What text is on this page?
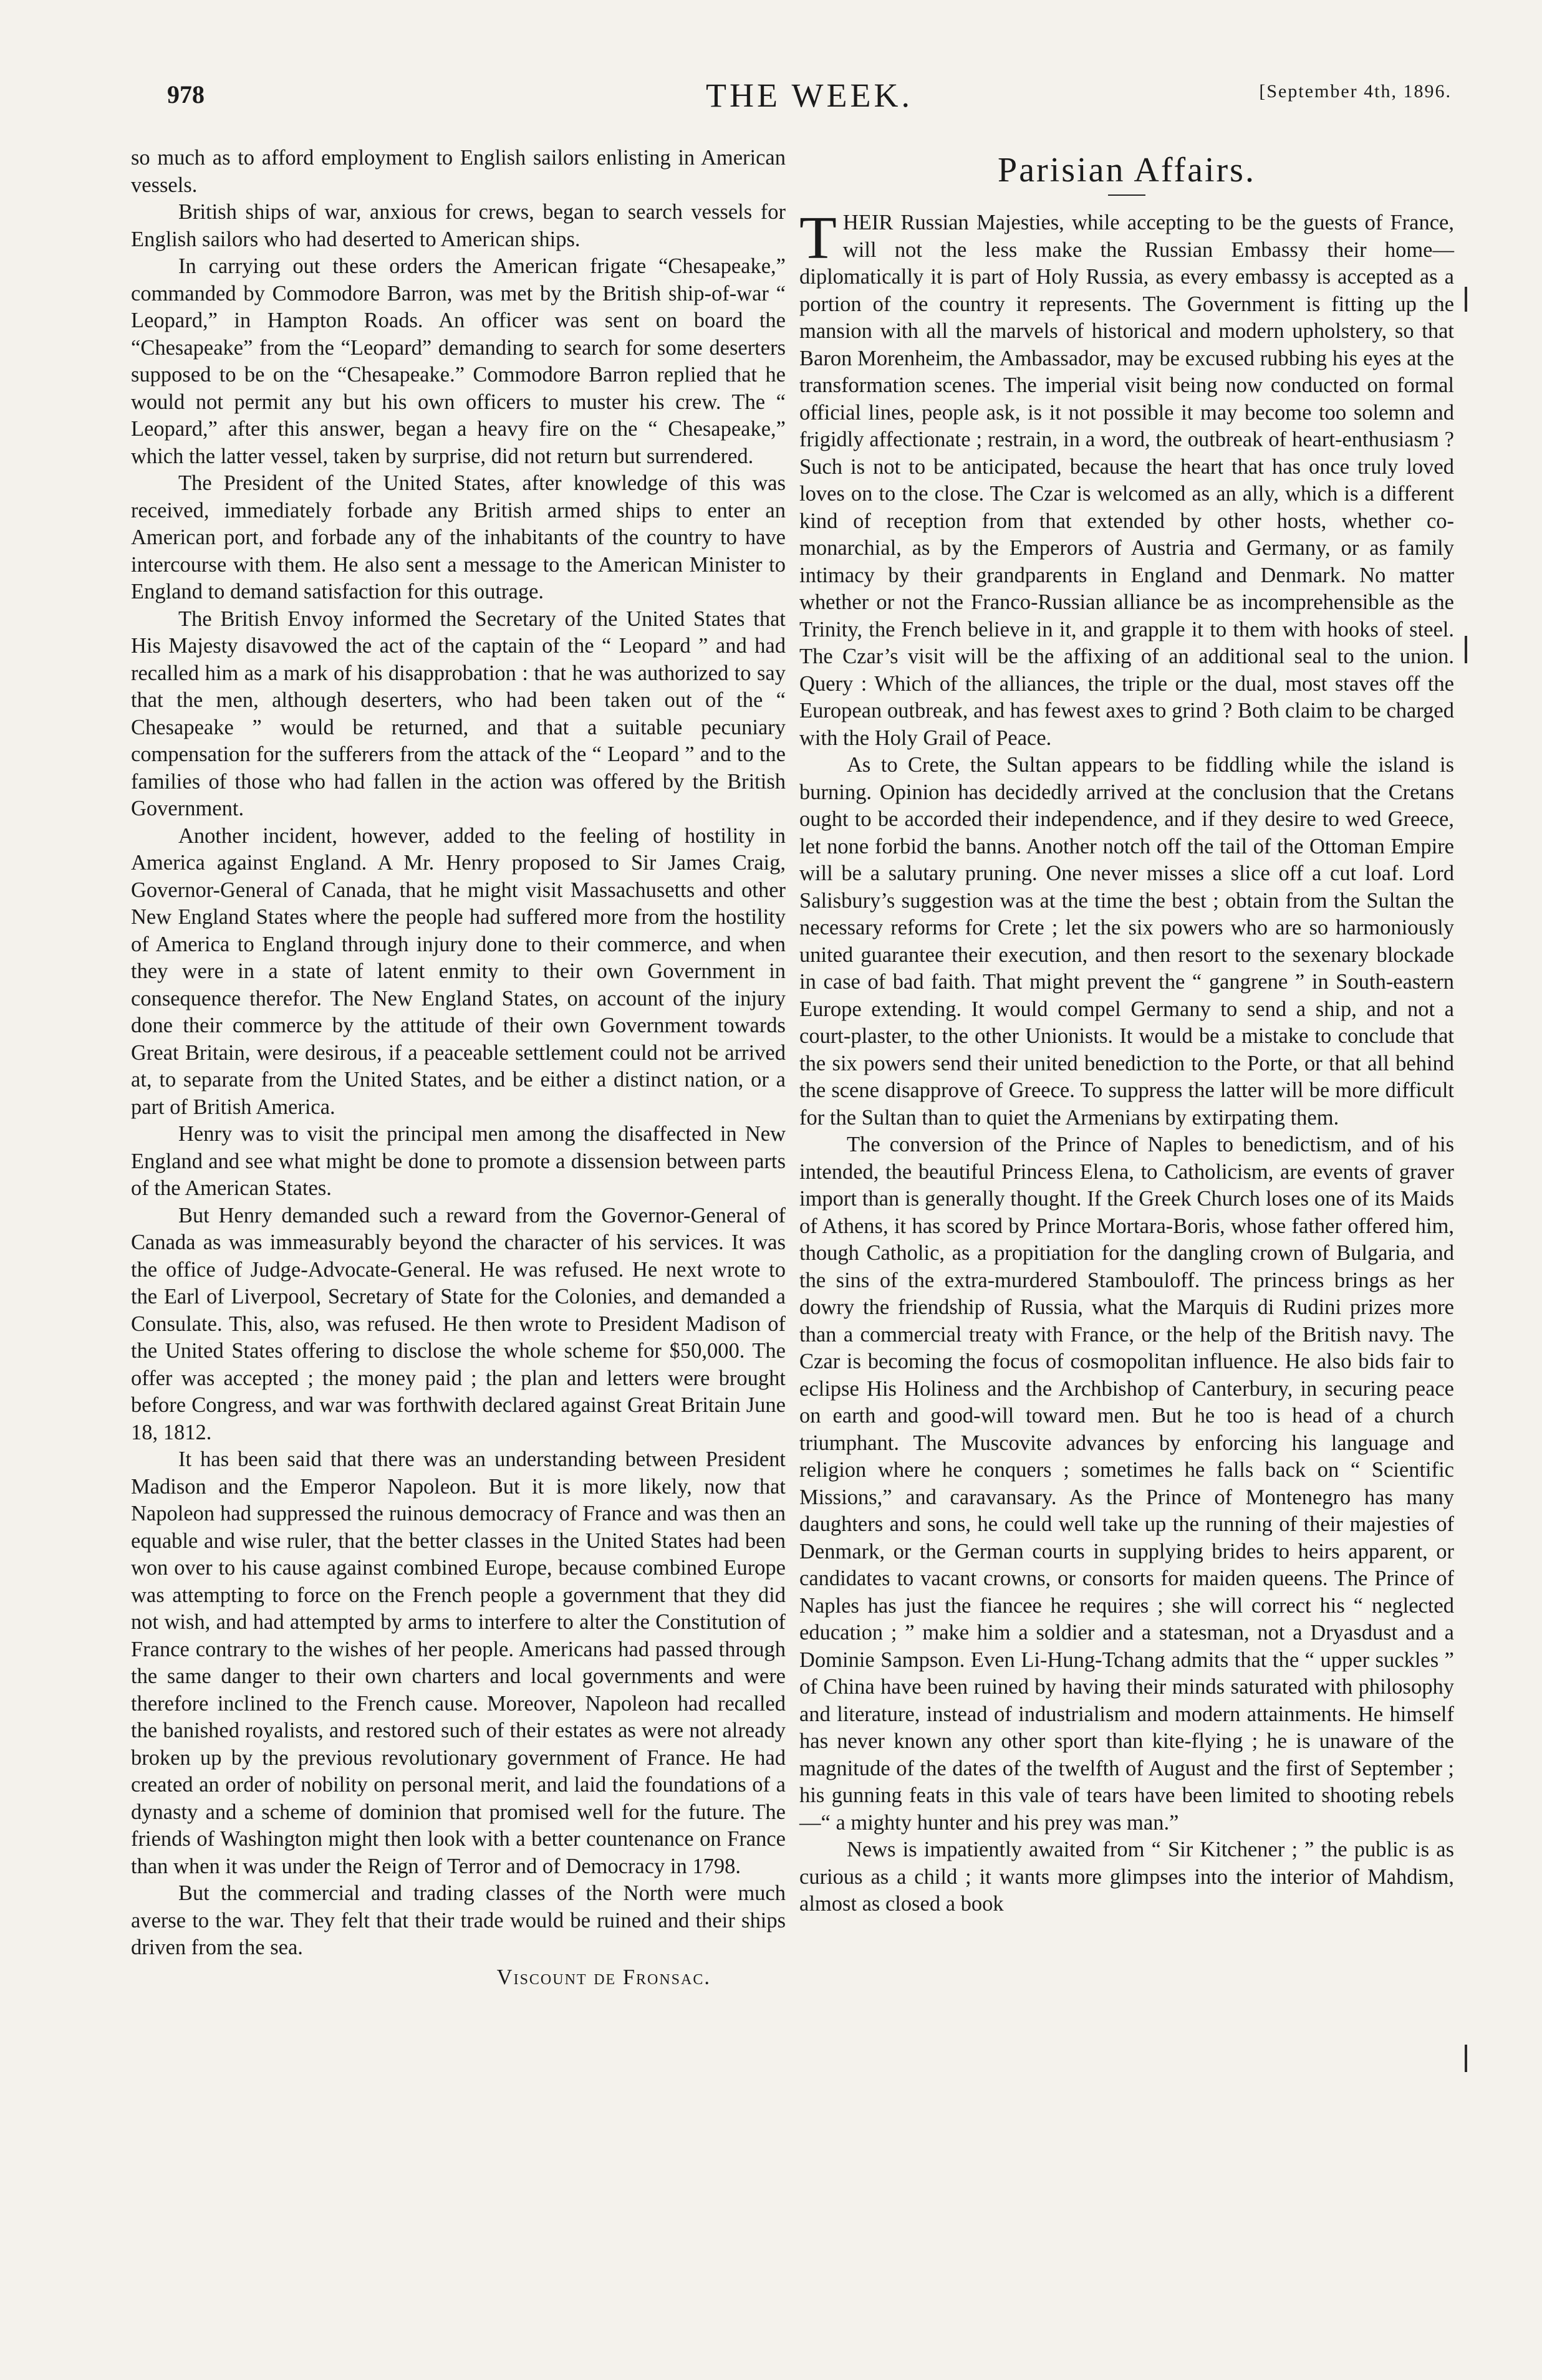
978	THE WEEK.	[September 4th, 1896.

so much as to afford employment to English sailors enlisting in American vessels.

British ships of war, anxious for crews, began to search vessels for English sailors who had deserted to American ships.

In carrying out these orders the American frigate “Chesapeake,” commanded by Commodore Barron, was met by the British ship-of-war “ Leopard,” in Hampton Roads. An officer was sent on board the “Chesapeake” from the “Leopard” demanding to search for some deserters supposed to be on the “Chesapeake.” Commodore Barron replied that he would not permit any but his own officers to muster his crew. The “ Leopard,” after this answer, began a heavy fire on the “ Chesapeake,” which the latter vessel, taken by surprise, did not return but surrendered.

The President of the United States, after knowledge of this was received, immediately forbade any British armed ships to enter an American port, and forbade any of the inhabitants of the country to have intercourse with them. He also sent a message to the American Minister to England to demand satisfaction for this outrage.

The British Envoy informed the Secretary of the United States that His Majesty disavowed the act of the captain of the “ Leopard ” and had recalled him as a mark of his disapprobation : that he was authorized to say that the men, although deserters, who had been taken out of the “ Chesapeake ” would be returned, and that a suitable pecuniary compensation for the sufferers from the attack of the “ Leopard ” and to the families of those who had fallen in the action was offered by the British Government.

Another incident, however, added to the feeling of hostility in America against England. A Mr. Henry proposed to Sir James Craig, Governor-General of Canada, that he might visit Massachusetts and other New England States where the people had suffered more from the hostility of America to England through injury done to their commerce, and when they were in a state of latent enmity to their own Government in consequence therefor. The New England States, on account of the injury done their commerce by the attitude of their own Government towards Great Britain, were desirous, if a peaceable settlement could not be arrived at, to separate from the United States, and be either a distinct nation, or a part of British America.

Henry was to visit the principal men among the disaffected in New England and see what might be done to promote a dissension between parts of the American States.

But Henry demanded such a reward from the Governor-General of Canada as was immeasurably beyond the character of his services. It was the office of Judge-Advocate-General. He was refused. He next wrote to the Earl of Liverpool, Secretary of State for the Colonies, and demanded a Consulate. This, also, was refused. He then wrote to President Madison of the United States offering to disclose the whole scheme for $50,000. The offer was accepted ; the money paid ; the plan and letters were brought before Congress, and war was forthwith declared against Great Britain June 18, 1812.

It has been said that there was an understanding between President Madison and the Emperor Napoleon. But it is more likely, now that Napoleon had suppressed the ruinous democracy of France and was then an equable and wise ruler, that the better classes in the United States had been won over to his cause against combined Europe, because combined Europe was attempting to force on the French people a government that they did not wish, and had attempted by arms to interfere to alter the Constitution of France contrary to the wishes of her people. Americans had passed through the same danger to their own charters and local governments and were therefore inclined to the French cause. Moreover, Napoleon had recalled the banished royalists, and restored such of their estates as were not already broken up by the previous revolutionary government of France. He had created an order of nobility on personal merit, and laid the foundations of a dynasty and a scheme of dominion that promised well for the future. The friends of Washington might then look with a better countenance on France than when it was under the Reign of Terror and of Democracy in 1798.

But the commercial and trading classes of the North were much averse to the war. They felt that their trade would be ruined and their ships driven from the sea.

Viscount de Fronsac.
Parisian Affairs.

THEIR Russian Majesties, while accepting to be the guests of France, will not the less make the Russian Embassy their home—diplomatically it is part of Holy Russia, as every embassy is accepted as a portion of the country it represents. The Government is fitting up the mansion with all the marvels of historical and modern upholstery, so that Baron Morenheim, the Ambassador, may be excused rubbing his eyes at the transformation scenes. The imperial visit being now conducted on formal official lines, people ask, is it not possible it may become too solemn and frigidly affectionate ; restrain, in a word, the outbreak of heart-enthusiasm ? Such is not to be anticipated, because the heart that has once truly loved loves on to the close. The Czar is welcomed as an ally, which is a different kind of reception from that extended by other hosts, whether co-monarchial, as by the Emperors of Austria and Germany, or as family intimacy by their grandparents in England and Denmark. No matter whether or not the Franco-Russian alliance be as incomprehensible as the Trinity, the French believe in it, and grapple it to them with hooks of steel. The Czar’s visit will be the affixing of an additional seal to the union. Query : Which of the alliances, the triple or the dual, most staves off the European outbreak, and has fewest axes to grind ? Both claim to be charged with the Holy Grail of Peace.

As to Crete, the Sultan appears to be fiddling while the island is burning. Opinion has decidedly arrived at the conclusion that the Cretans ought to be accorded their independence, and if they desire to wed Greece, let none forbid the banns. Another notch off the tail of the Ottoman Empire will be a salutary pruning. One never misses a slice off a cut loaf. Lord Salisbury’s suggestion was at the time the best ; obtain from the Sultan the necessary reforms for Crete ; let the six powers who are so harmoniously united guarantee their execution, and then resort to the sexenary blockade in case of bad faith. That might prevent the “ gangrene ” in South-eastern Europe extending. It would compel Germany to send a ship, and not a court-plaster, to the other Unionists. It would be a mistake to conclude that the six powers send their united benediction to the Porte, or that all behind the scene disapprove of Greece. To suppress the latter will be more difficult for the Sultan than to quiet the Armenians by extirpating them.

The conversion of the Prince of Naples to benedictism, and of his intended, the beautiful Princess Elena, to Catholicism, are events of graver import than is generally thought. If the Greek Church loses one of its Maids of Athens, it has scored by Prince Mortara-Boris, whose father offered him, though Catholic, as a propitiation for the dangling crown of Bulgaria, and the sins of the extra-murdered Stambouloff. The princess brings as her dowry the friendship of Russia, what the Marquis di Rudini prizes more than a commercial treaty with France, or the help of the British navy. The Czar is becoming the focus of cosmopolitan influence. He also bids fair to eclipse His Holiness and the Archbishop of Canterbury, in securing peace on earth and good-will toward men. But he too is head of a church triumphant. The Muscovite advances by enforcing his language and religion where he conquers ; sometimes he falls back on “ Scientific Missions,” and caravansary. As the Prince of Montenegro has many daughters and sons, he could well take up the running of their majesties of Denmark, or the German courts in supplying brides to heirs apparent, or candidates to vacant crowns, or consorts for maiden queens. The Prince of Naples has just the fiancee he requires ; she will correct his “ neglected education ; ” make him a soldier and a statesman, not a Dryasdust and a Dominie Sampson. Even Li-Hung-Tchang admits that the “ upper suckles ” of China have been ruined by having their minds saturated with philosophy and literature, instead of industrialism and modern attainments. He himself has never known any other sport than kite-flying ; he is unaware of the magnitude of the dates of the twelfth of August and the first of September ; his gunning feats in this vale of tears have been limited to shooting rebels—“ a mighty hunter and his prey was man.”

News is impatiently awaited from “ Sir Kitchener ; ” the public is as curious as a child ; it wants more glimpses into the interior of Mahdism, almost as closed a book
